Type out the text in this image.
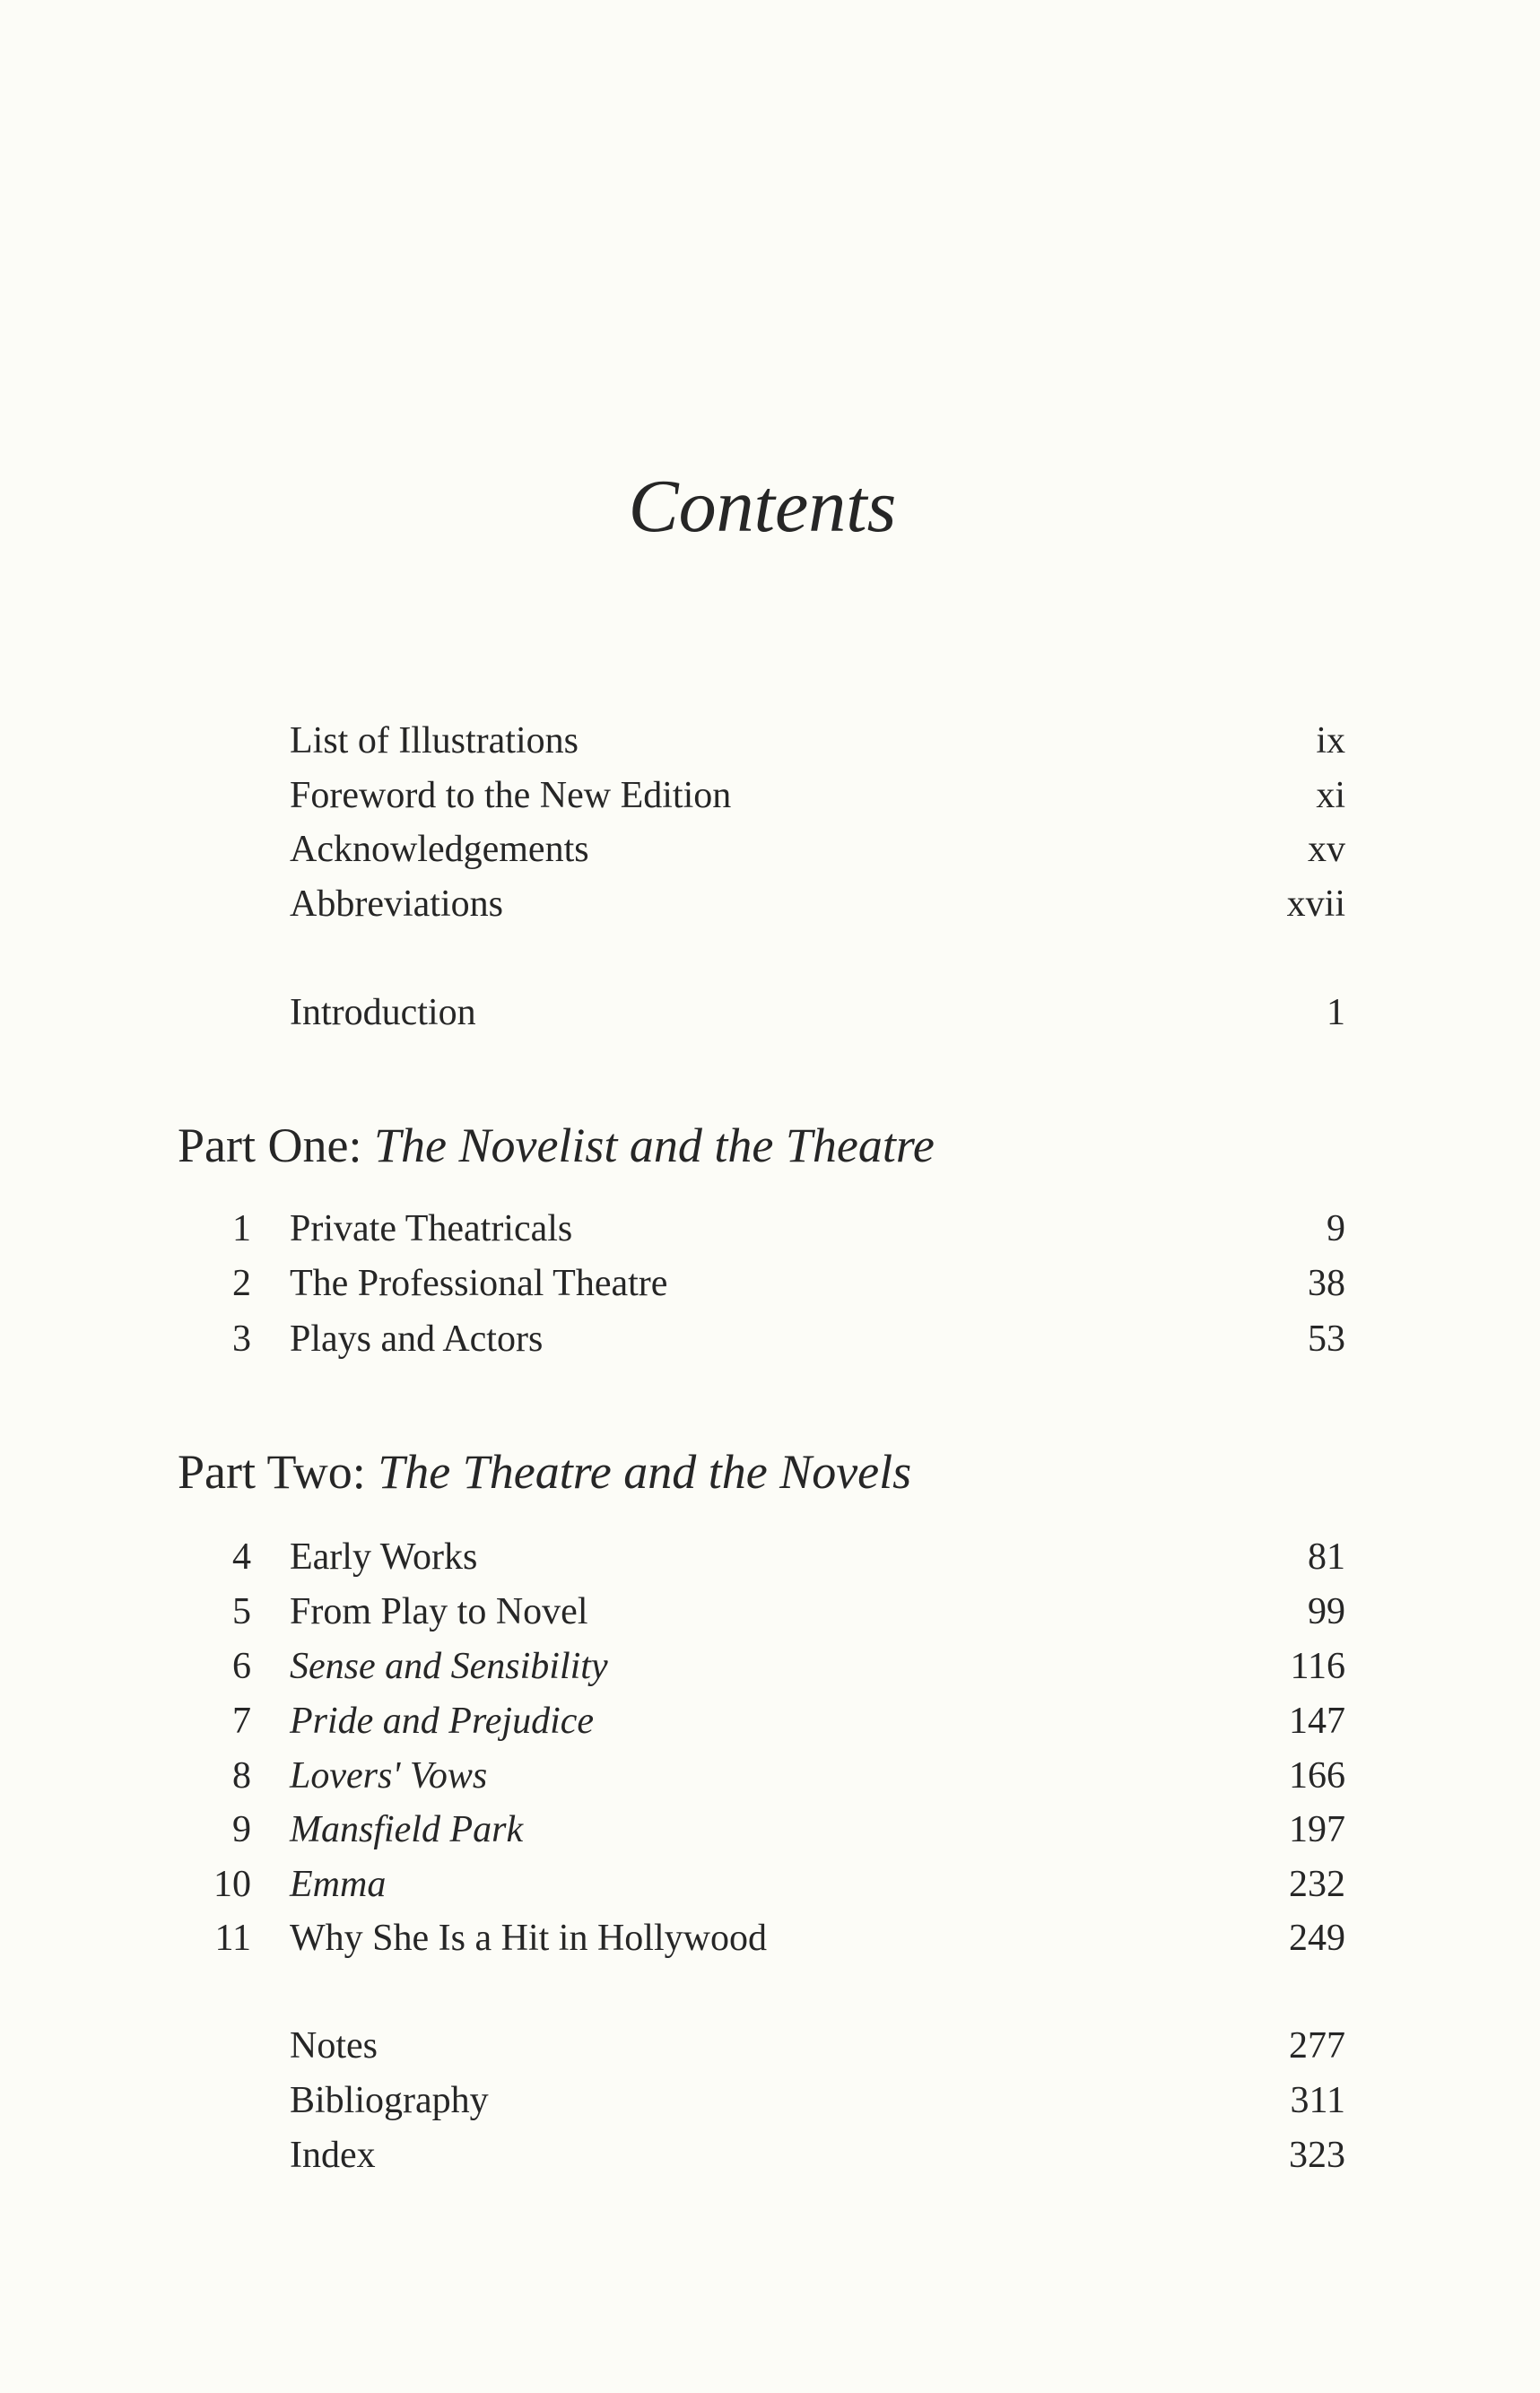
Contents
List of Illustrations	ix
Foreword to the New Edition	xi
Acknowledgements	xv
Abbreviations	xvii
Introduction	1
Part One: The Novelist and the Theatre
1 Private Theatricals	9
2 The Professional Theatre	38
3 Plays and Actors	53
Part Two: The Theatre and the Novels
4 Early Works	81
5 From Play to Novel	99
6 Sense and Sensibility	116
7 Pride and Prejudice	147
8 Lovers' Vows	166
9 Mansfield Park	197
10 Emma	232
11 Why She Is a Hit in Hollywood	249
Notes	277
Bibliography	311
Index	323
